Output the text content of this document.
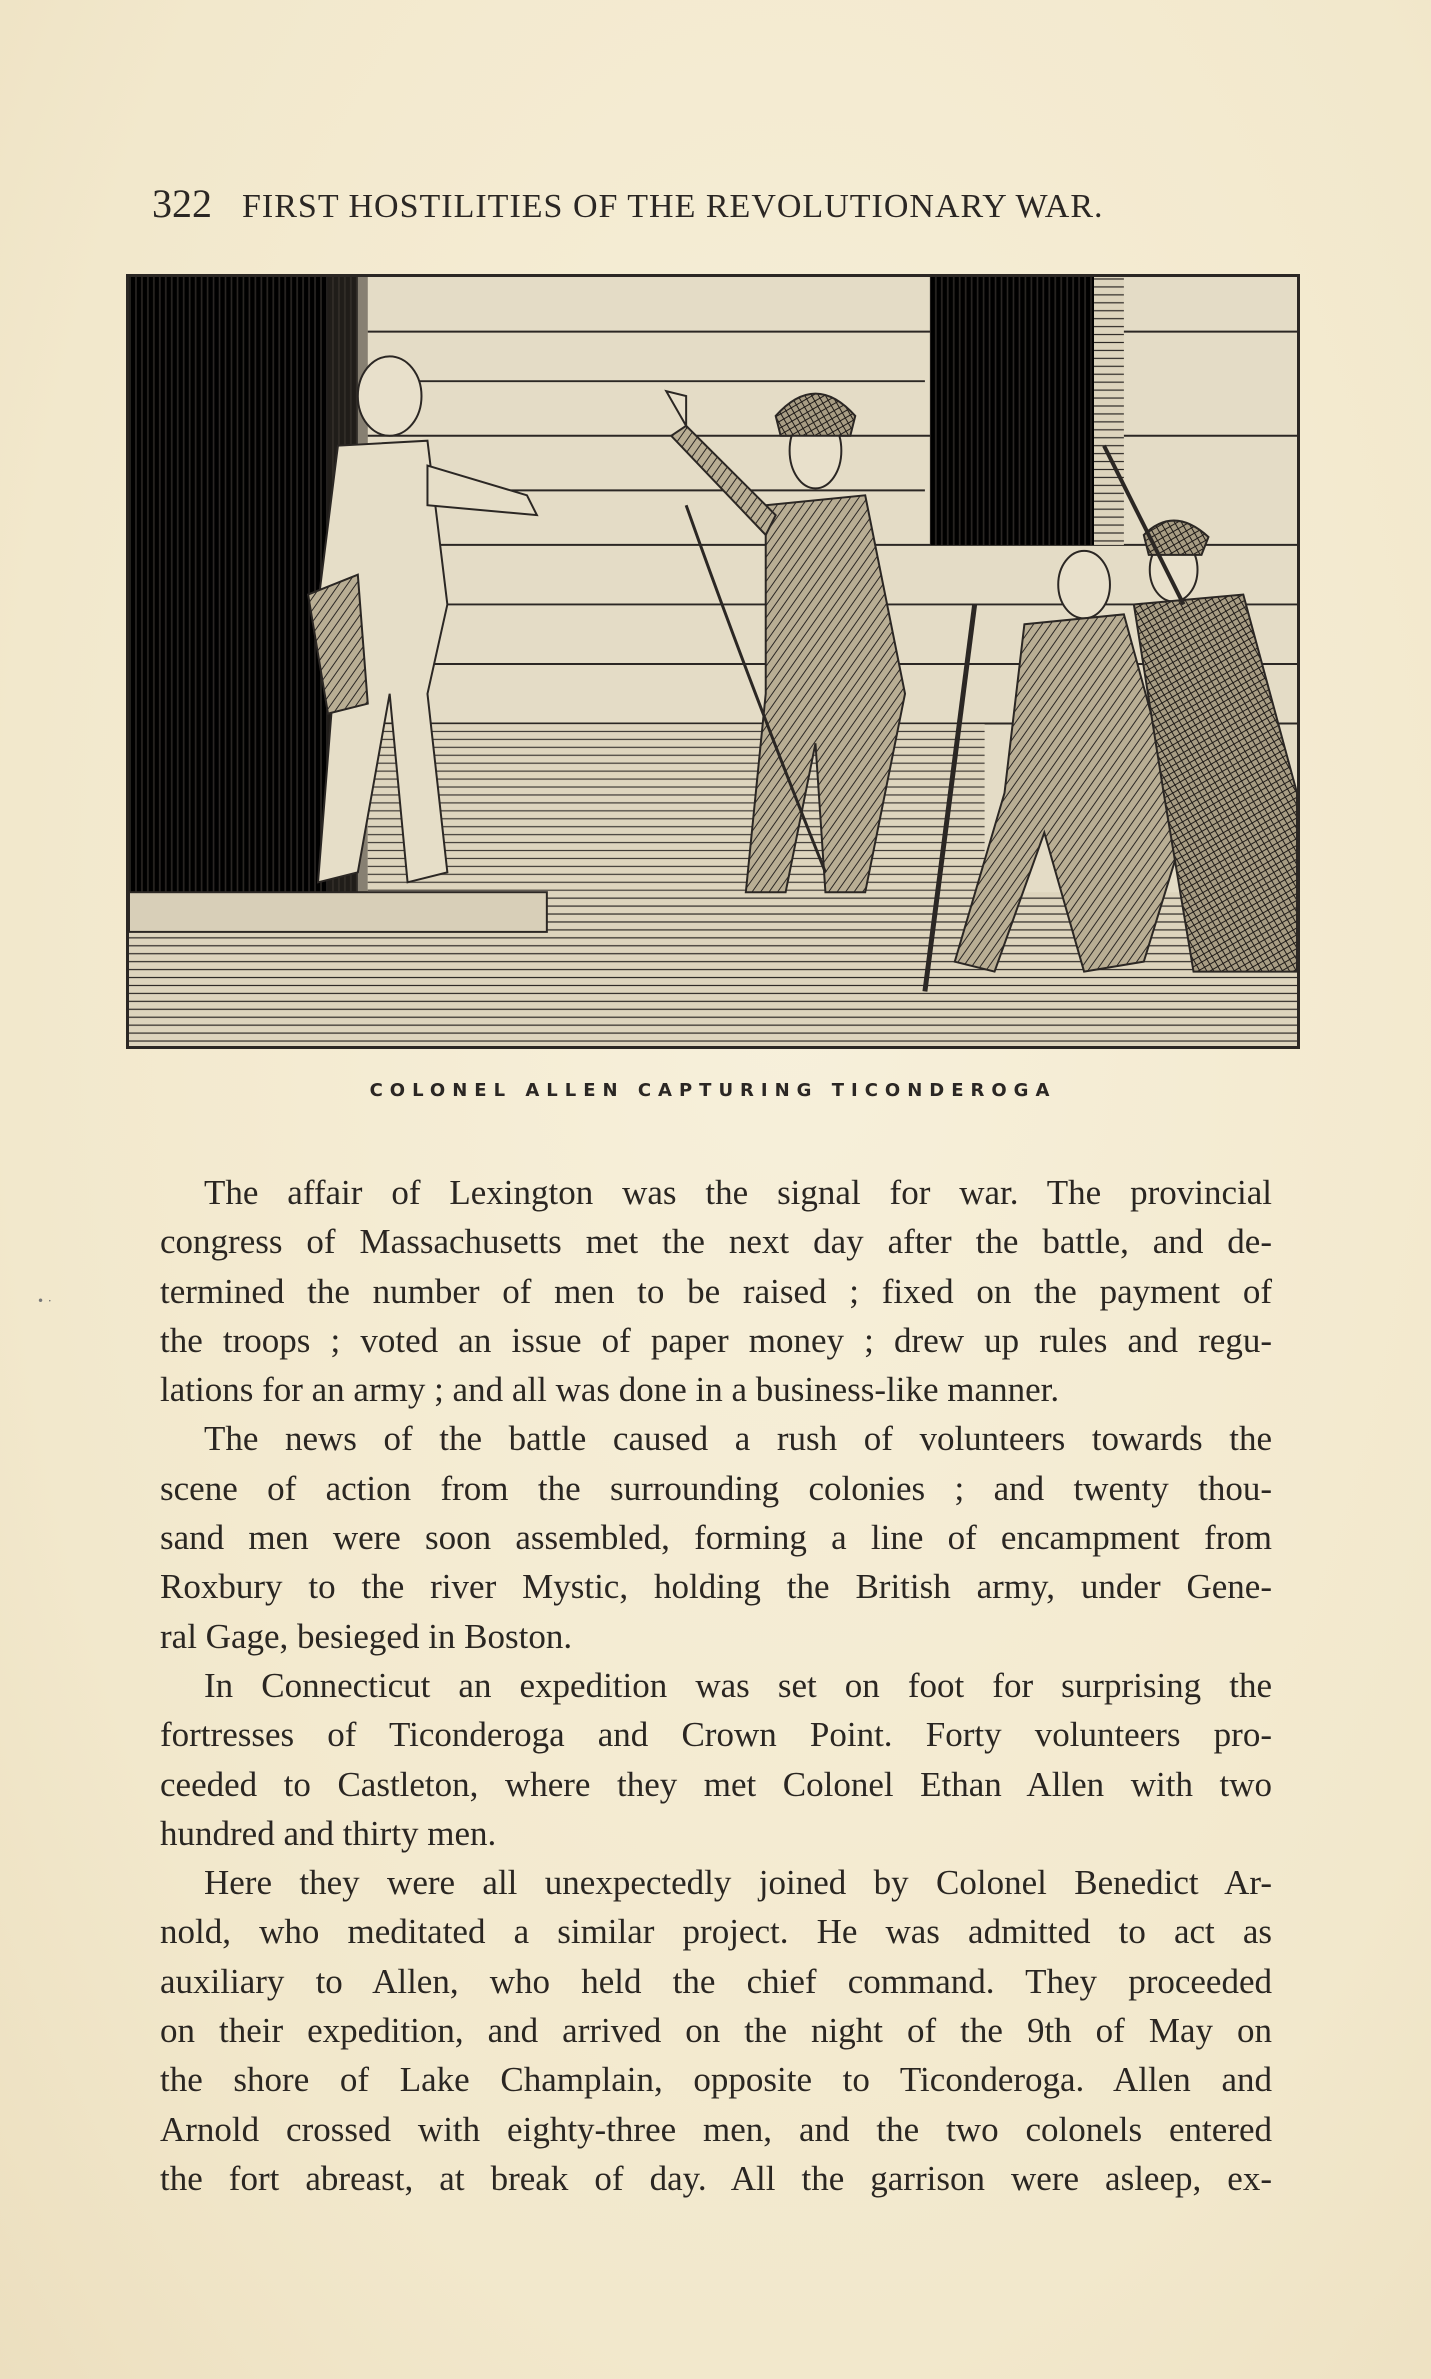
322 FIRST HOSTILITIES OF THE REVOLUTIONARY WAR.
COLONEL ALLEN CAPTURING TICONDEROGA
• ·
The affair of Lexington was the signal for war. The provincial
congress of Massachusetts met the next day after the battle, and de-
termined the number of men to be raised ; fixed on the payment of
the troops ; voted an issue of paper money ; drew up rules and regu-
lations for an army ; and all was done in a business-like manner.
The news of the battle caused a rush of volunteers towards the
scene of action from the surrounding colonies ; and twenty thou-
sand men were soon assembled, forming a line of encampment from
Roxbury to the river Mystic, holding the British army, under Gene-
ral Gage, besieged in Boston.
In Connecticut an expedition was set on foot for surprising the
fortresses of Ticonderoga and Crown Point. Forty volunteers pro-
ceeded to Castleton, where they met Colonel Ethan Allen with two
hundred and thirty men.
Here they were all unexpectedly joined by Colonel Benedict Ar-
nold, who meditated a similar project. He was admitted to act as
auxiliary to Allen, who held the chief command. They proceeded
on their expedition, and arrived on the night of the 9th of May on
the shore of Lake Champlain, opposite to Ticonderoga. Allen and
Arnold crossed with eighty-three men, and the two colonels entered
the fort abreast, at break of day. All the garrison were asleep, ex-
